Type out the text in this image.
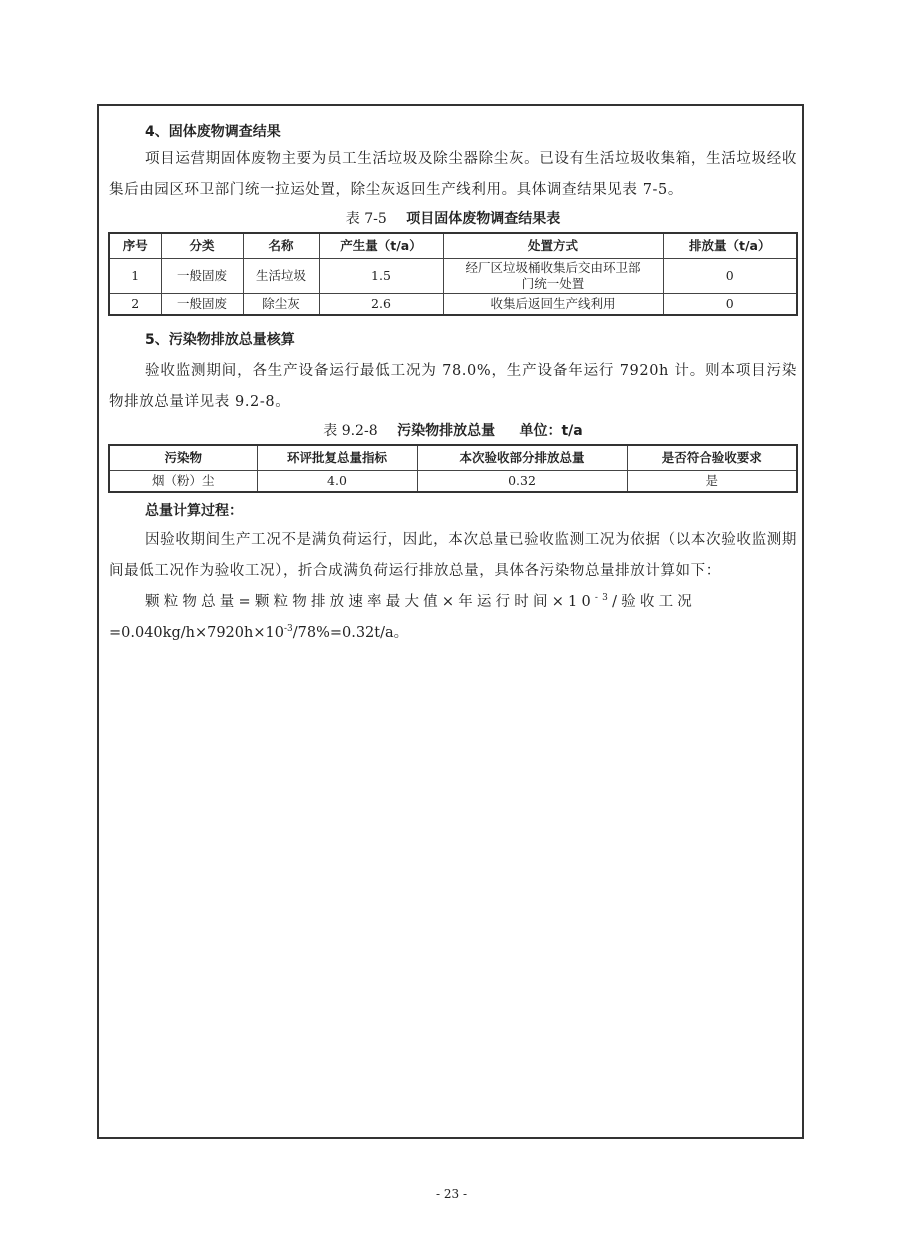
4、固体废物调查结果

项目运营期固体废物主要为员工生活垃圾及除尘器除尘灰。已设有生活垃圾收集箱，生活垃圾经收集后由园区环卫部门统一拉运处置，除尘灰返回生产线利用。具体调查结果见表 7-5。

表 7-5 项目固体废物调查结果表
序号	分类	名称	产生量（t/a）	处置方式	排放量（t/a）
1	一般固废	生活垃圾	1.5	经厂区垃圾桶收集后交由环卫部门统一处置	0
2	一般固废	除尘灰	2.6	收集后返回生产线利用	0

5、污染物排放总量核算

验收监测期间，各生产设备运行最低工况为 78.0%，生产设备年运行 7920h 计。则本项目污染物排放总量详见表 9.2-8。

表 9.2-8 污染物排放总量 单位：t/a
污染物	环评批复总量指标	本次验收部分排放总量	是否符合验收要求
烟（粉）尘	4.0	0.32	是

总量计算过程：

因验收期间生产工况不是满负荷运行，因此，本次总量已验收监测工况为依据（以本次验收监测期间最低工况作为验收工况），折合成满负荷运行排放总量，具体各污染物总量排放计算如下：

颗粒物总量=颗粒物排放速率最大值×年运行时间$\times 10^{-3}/$验收工况

$=0.040kg/h\times 7920h\times 10^{-3}/78\%=0.32t/a$。

- 23 -
